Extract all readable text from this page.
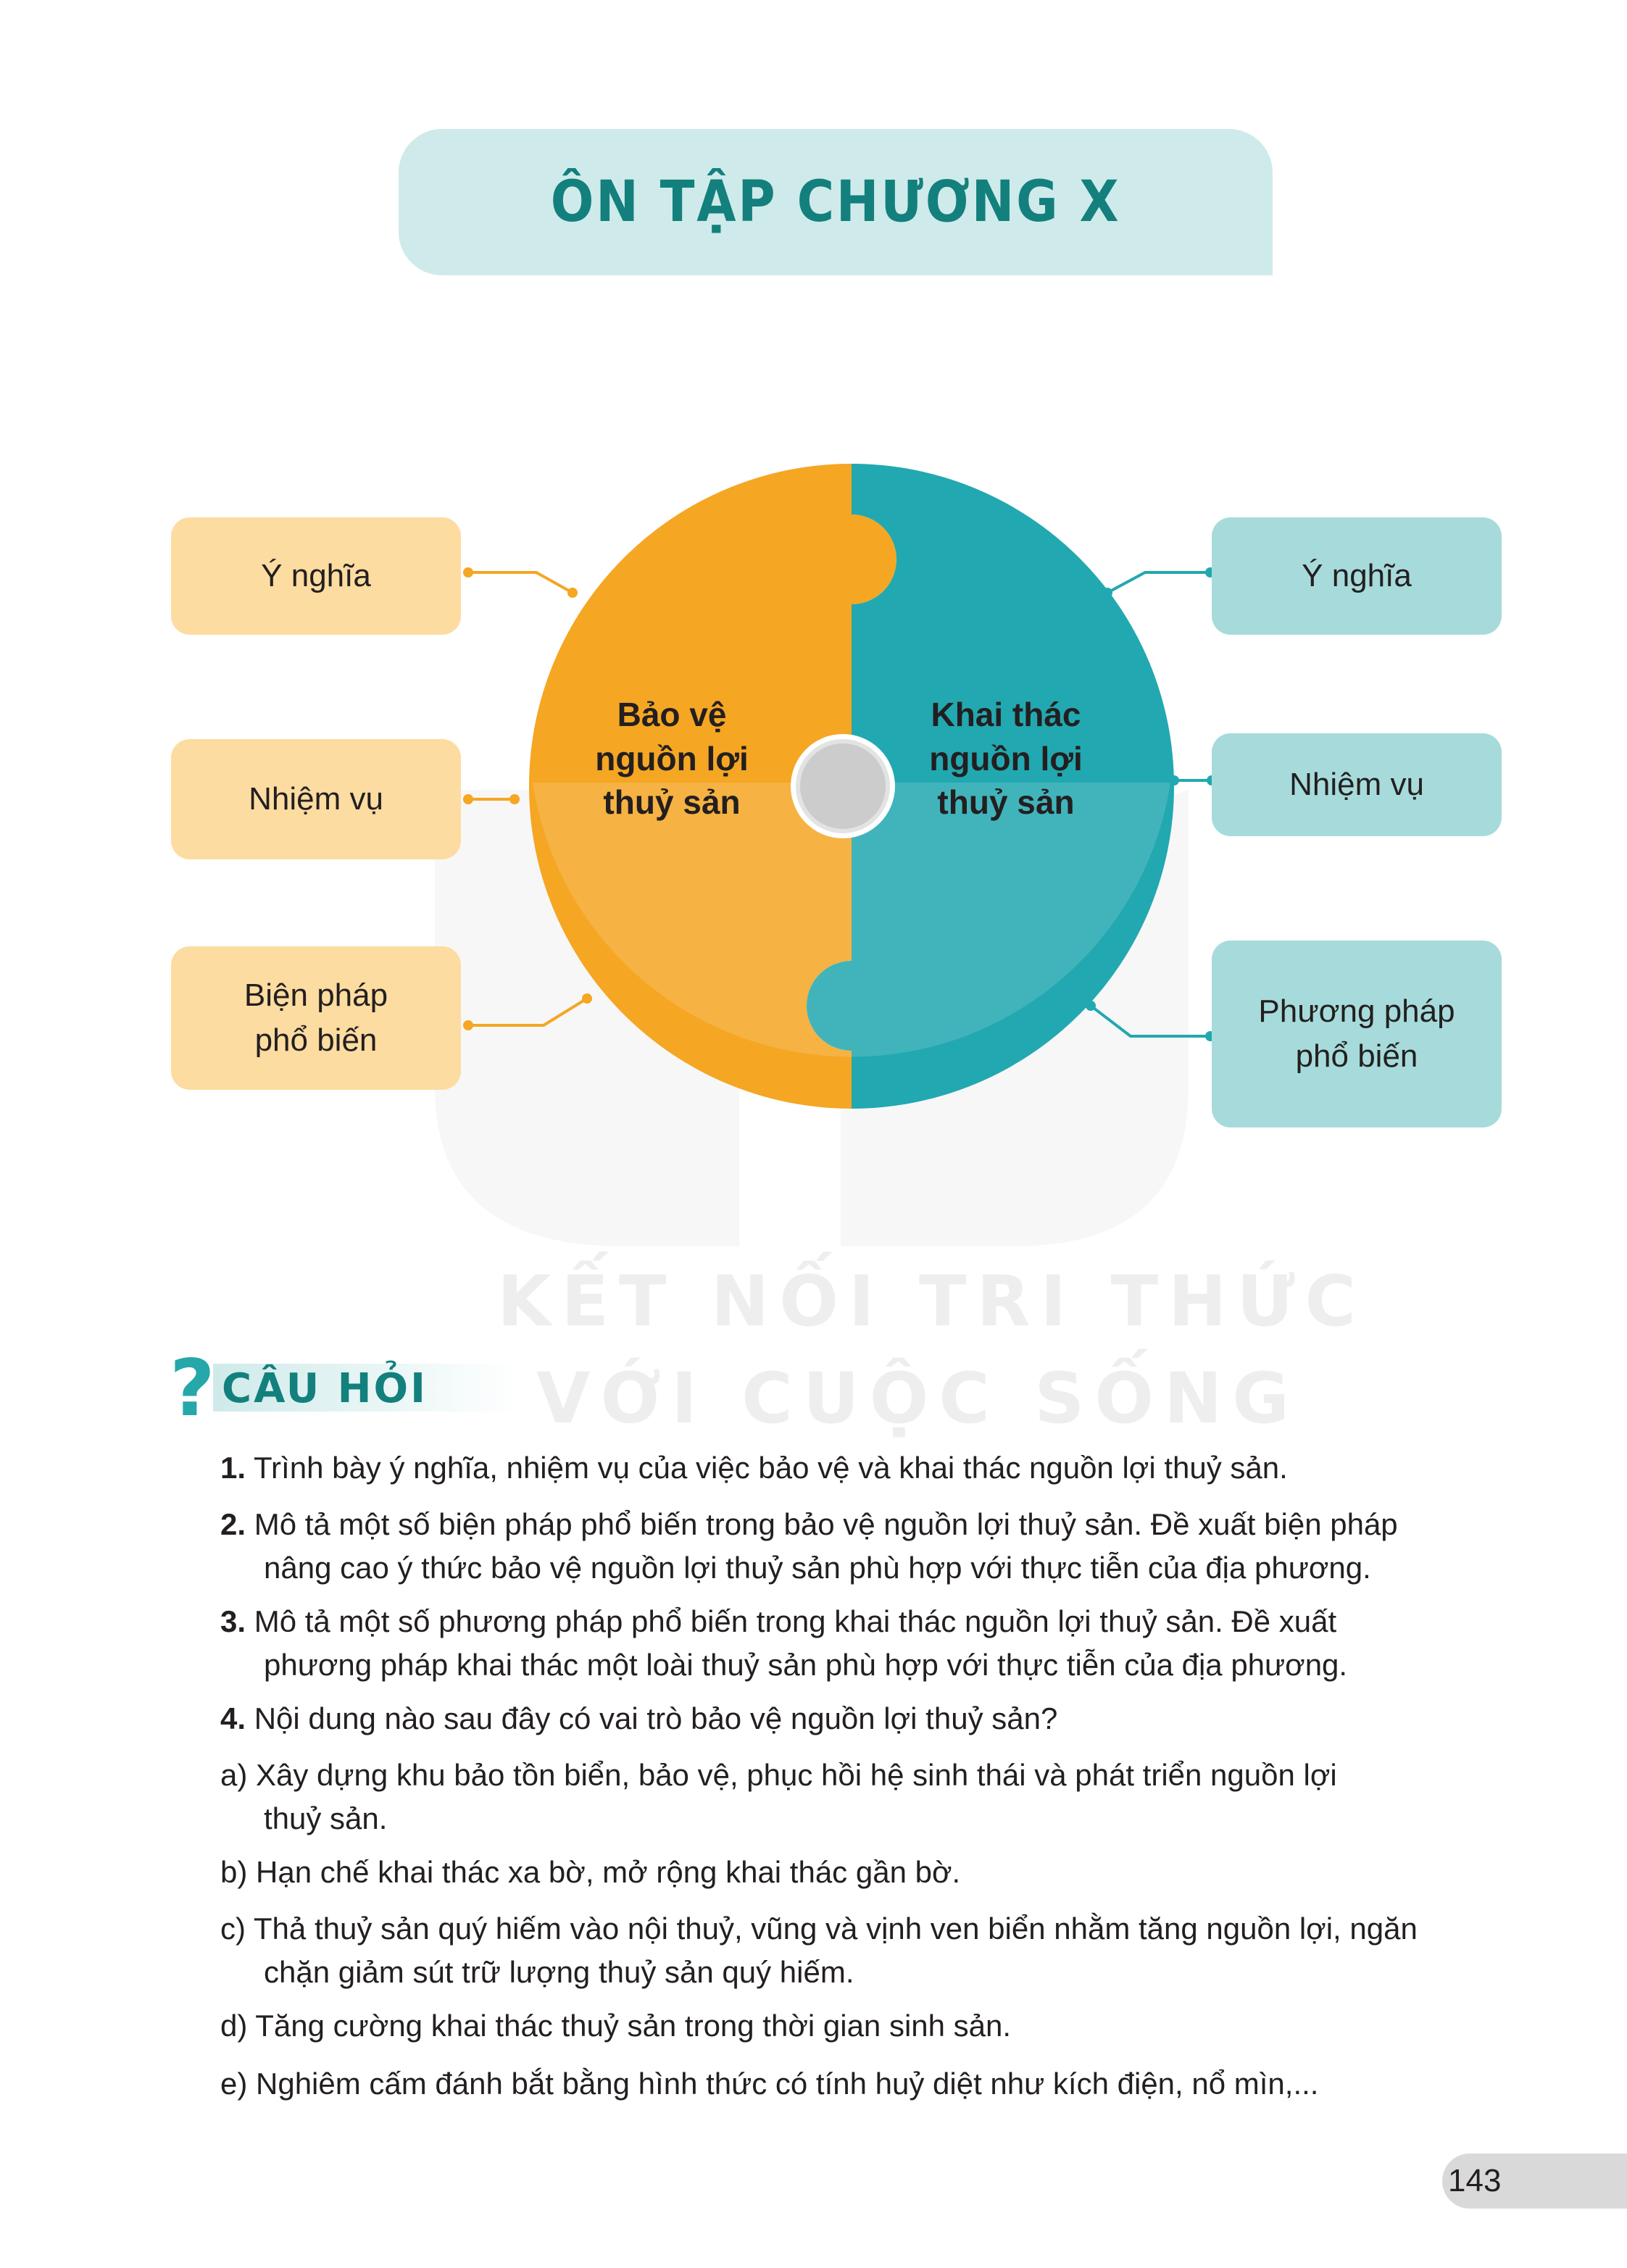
ÔN TẬP CHƯƠNG X
KẾT NỐI TRI THỨC
VỚI CUỘC SỐNG
Bảo vệ
nguồn lợi
thuỷ sản
Khai thác
nguồn lợi
thuỷ sản
Ý nghĩa
Nhiệm vụ
Biện pháp
phổ biến
Ý nghĩa
Nhiệm vụ
Phương pháp
phổ biến
? CÂU HỎI
1. Trình bày ý nghĩa, nhiệm vụ của việc bảo vệ và khai thác nguồn lợi thuỷ sản.
2. Mô tả một số biện pháp phổ biến trong bảo vệ nguồn lợi thuỷ sản. Đề xuất biện pháp
nâng cao ý thức bảo vệ nguồn lợi thuỷ sản phù hợp với thực tiễn của địa phương.
3. Mô tả một số phương pháp phổ biến trong khai thác nguồn lợi thuỷ sản. Đề xuất
phương pháp khai thác một loài thuỷ sản phù hợp với thực tiễn của địa phương.
4. Nội dung nào sau đây có vai trò bảo vệ nguồn lợi thuỷ sản?
a) Xây dựng khu bảo tồn biển, bảo vệ, phục hồi hệ sinh thái và phát triển nguồn lợi
thuỷ sản.
b) Hạn chế khai thác xa bờ, mở rộng khai thác gần bờ.
c) Thả thuỷ sản quý hiếm vào nội thuỷ, vũng và vịnh ven biển nhằm tăng nguồn lợi, ngăn
chặn giảm sút trữ lượng thuỷ sản quý hiếm.
d) Tăng cường khai thác thuỷ sản trong thời gian sinh sản.
e) Nghiêm cấm đánh bắt bằng hình thức có tính huỷ diệt như kích điện, nổ mìn,...
143
